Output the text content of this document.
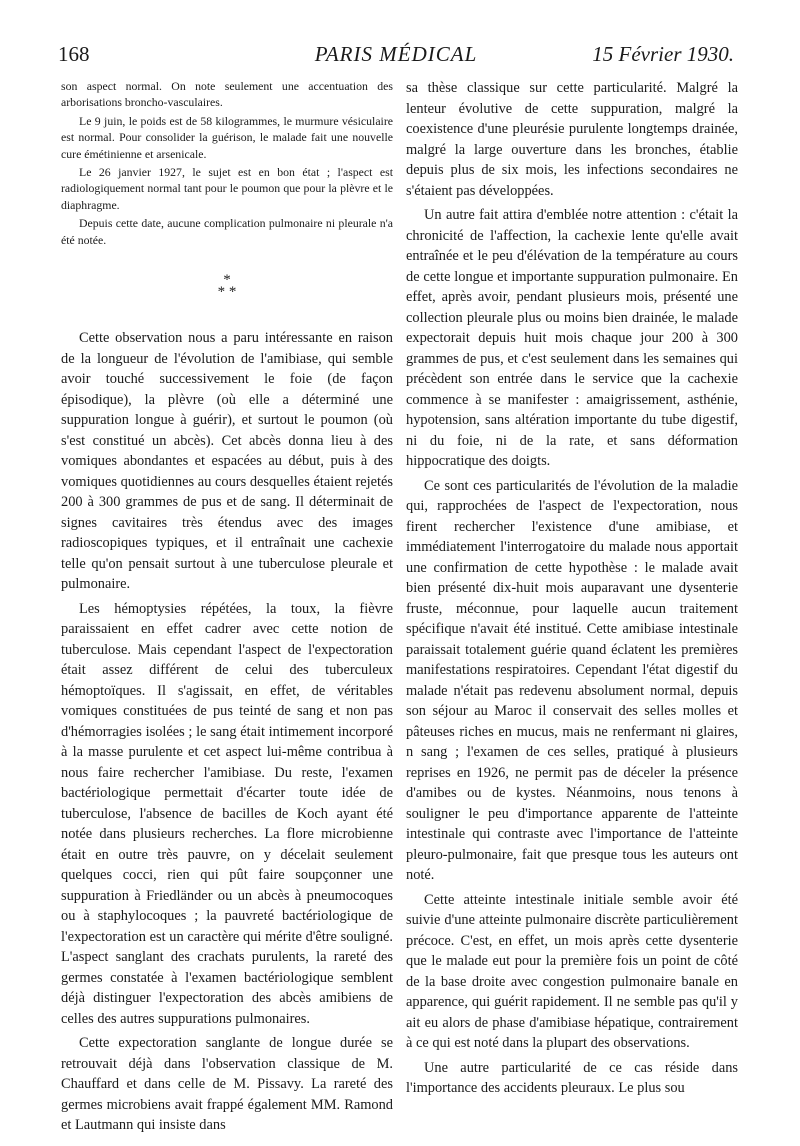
168	PARIS MÉDICAL	15 Février 1930.

son aspect normal. On note seulement une accentuation des arborisations broncho-vasculaires.

Le 9 juin, le poids est de 58 kilogrammes, le murmure vésiculaire est normal. Pour consolider la guérison, le malade fait une nouvelle cure émétinienne et arsenicale.

Le 26 janvier 1927, le sujet est en bon état ; l'aspect est radiologiquement normal tant pour le poumon que pour la plèvre et le diaphragme.

Depuis cette date, aucune complication pulmonaire ni pleurale n'a été notée.

*
* *

Cette observation nous a paru intéressante en raison de la longueur de l'évolution de l'amibiase, qui semble avoir touché successivement le foie (de façon épisodique), la plèvre (où elle a déterminé une suppuration longue à guérir), et surtout le poumon (où s'est constitué un abcès). Cet abcès donna lieu à des vomiques abondantes et espacées au début, puis à des vomiques quotidiennes au cours desquelles étaient rejetés 200 à 300 grammes de pus et de sang. Il déterminait de signes cavitaires très étendus avec des images radioscopiques typiques, et il entraînait une cachexie telle qu'on pensait surtout à une tuberculose pleurale et pulmonaire.

Les hémoptysies répétées, la toux, la fièvre paraissaient en effet cadrer avec cette notion de tuberculose. Mais cependant l'aspect de l'expectoration était assez différent de celui des tuberculeux hémoptoïques. Il s'agissait, en effet, de véritables vomiques constituées de pus teinté de sang et non pas d'hémorragies isolées ; le sang était intimement incorporé à la masse purulente et cet aspect lui-même contribua à nous faire rechercher l'amibiase. Du reste, l'examen bactériologique permettait d'écarter toute idée de tuberculose, l'absence de bacilles de Koch ayant été notée dans plusieurs recherches. La flore microbienne était en outre très pauvre, on y décelait seulement quelques cocci, rien qui pût faire soupçonner une suppuration à Friedländer ou un abcès à pneumocoques ou à staphylocoques ; la pauvreté bactériologique de l'expectoration est un caractère qui mérite d'être souligné. L'aspect sanglant des crachats purulents, la rareté des germes constatée à l'examen bactériologique semblent déjà distinguer l'expectoration des abcès amibiens de celles des autres suppurations pulmonaires.

Cette expectoration sanglante de longue durée se retrouvait déjà dans l'observation classique de M. Chauffard et dans celle de M. Pissavy. La rareté des germes microbiens avait frappé également MM. Ramond et Lautmann qui insiste dans

sa thèse classique sur cette particularité. Malgré la lenteur évolutive de cette suppuration, malgré la coexistence d'une pleurésie purulente longtemps drainée, malgré la large ouverture dans les bronches, établie depuis plus de six mois, les infections secondaires ne s'étaient pas développées.

Un autre fait attira d'emblée notre attention : c'était la chronicité de l'affection, la cachexie lente qu'elle avait entraînée et le peu d'élévation de la température au cours de cette longue et importante suppuration pulmonaire. En effet, après avoir, pendant plusieurs mois, présenté une collection pleurale plus ou moins bien drainée, le malade expectorait depuis huit mois chaque jour 200 à 300 grammes de pus, et c'est seulement dans les semaines qui précèdent son entrée dans le service que la cachexie commence à se manifester : amaigrissement, asthénie, hypotension, sans altération importante du tube digestif, ni du foie, ni de la rate, et sans déformation hippocratique des doigts.

Ce sont ces particularités de l'évolution de la maladie qui, rapprochées de l'aspect de l'expectoration, nous firent rechercher l'existence d'une amibiase, et immédiatement l'interrogatoire du malade nous apportait une confirmation de cette hypothèse : le malade avait bien présenté dix-huit mois auparavant une dysenterie fruste, méconnue, pour laquelle aucun traitement spécifique n'avait été institué. Cette amibiase intestinale paraissait totalement guérie quand éclatent les premières manifestations respiratoires. Cependant l'état digestif du malade n'était pas redevenu absolument normal, depuis son séjour au Maroc il conservait des selles molles et pâteuses riches en mucus, mais ne renfermant ni glaires, n sang ; l'examen de ces selles, pratiqué à plusieurs reprises en 1926, ne permit pas de déceler la présence d'amibes ou de kystes. Néanmoins, nous tenons à souligner le peu d'importance apparente de l'atteinte intestinale qui contraste avec l'importance de l'atteinte pleuro-pulmonaire, fait que presque tous les auteurs ont noté.

Cette atteinte intestinale initiale semble avoir été suivie d'une atteinte pulmonaire discrète particulièrement précoce. C'est, en effet, un mois après cette dysenterie que le malade eut pour la première fois un point de côté de la base droite avec congestion pulmonaire banale en apparence, qui guérit rapidement. Il ne semble pas qu'il y ait eu alors de phase d'amibiase hépatique, contrairement à ce qui est noté dans la plupart des observations.

Une autre particularité de ce cas réside dans l'importance des accidents pleuraux. Le plus sou
